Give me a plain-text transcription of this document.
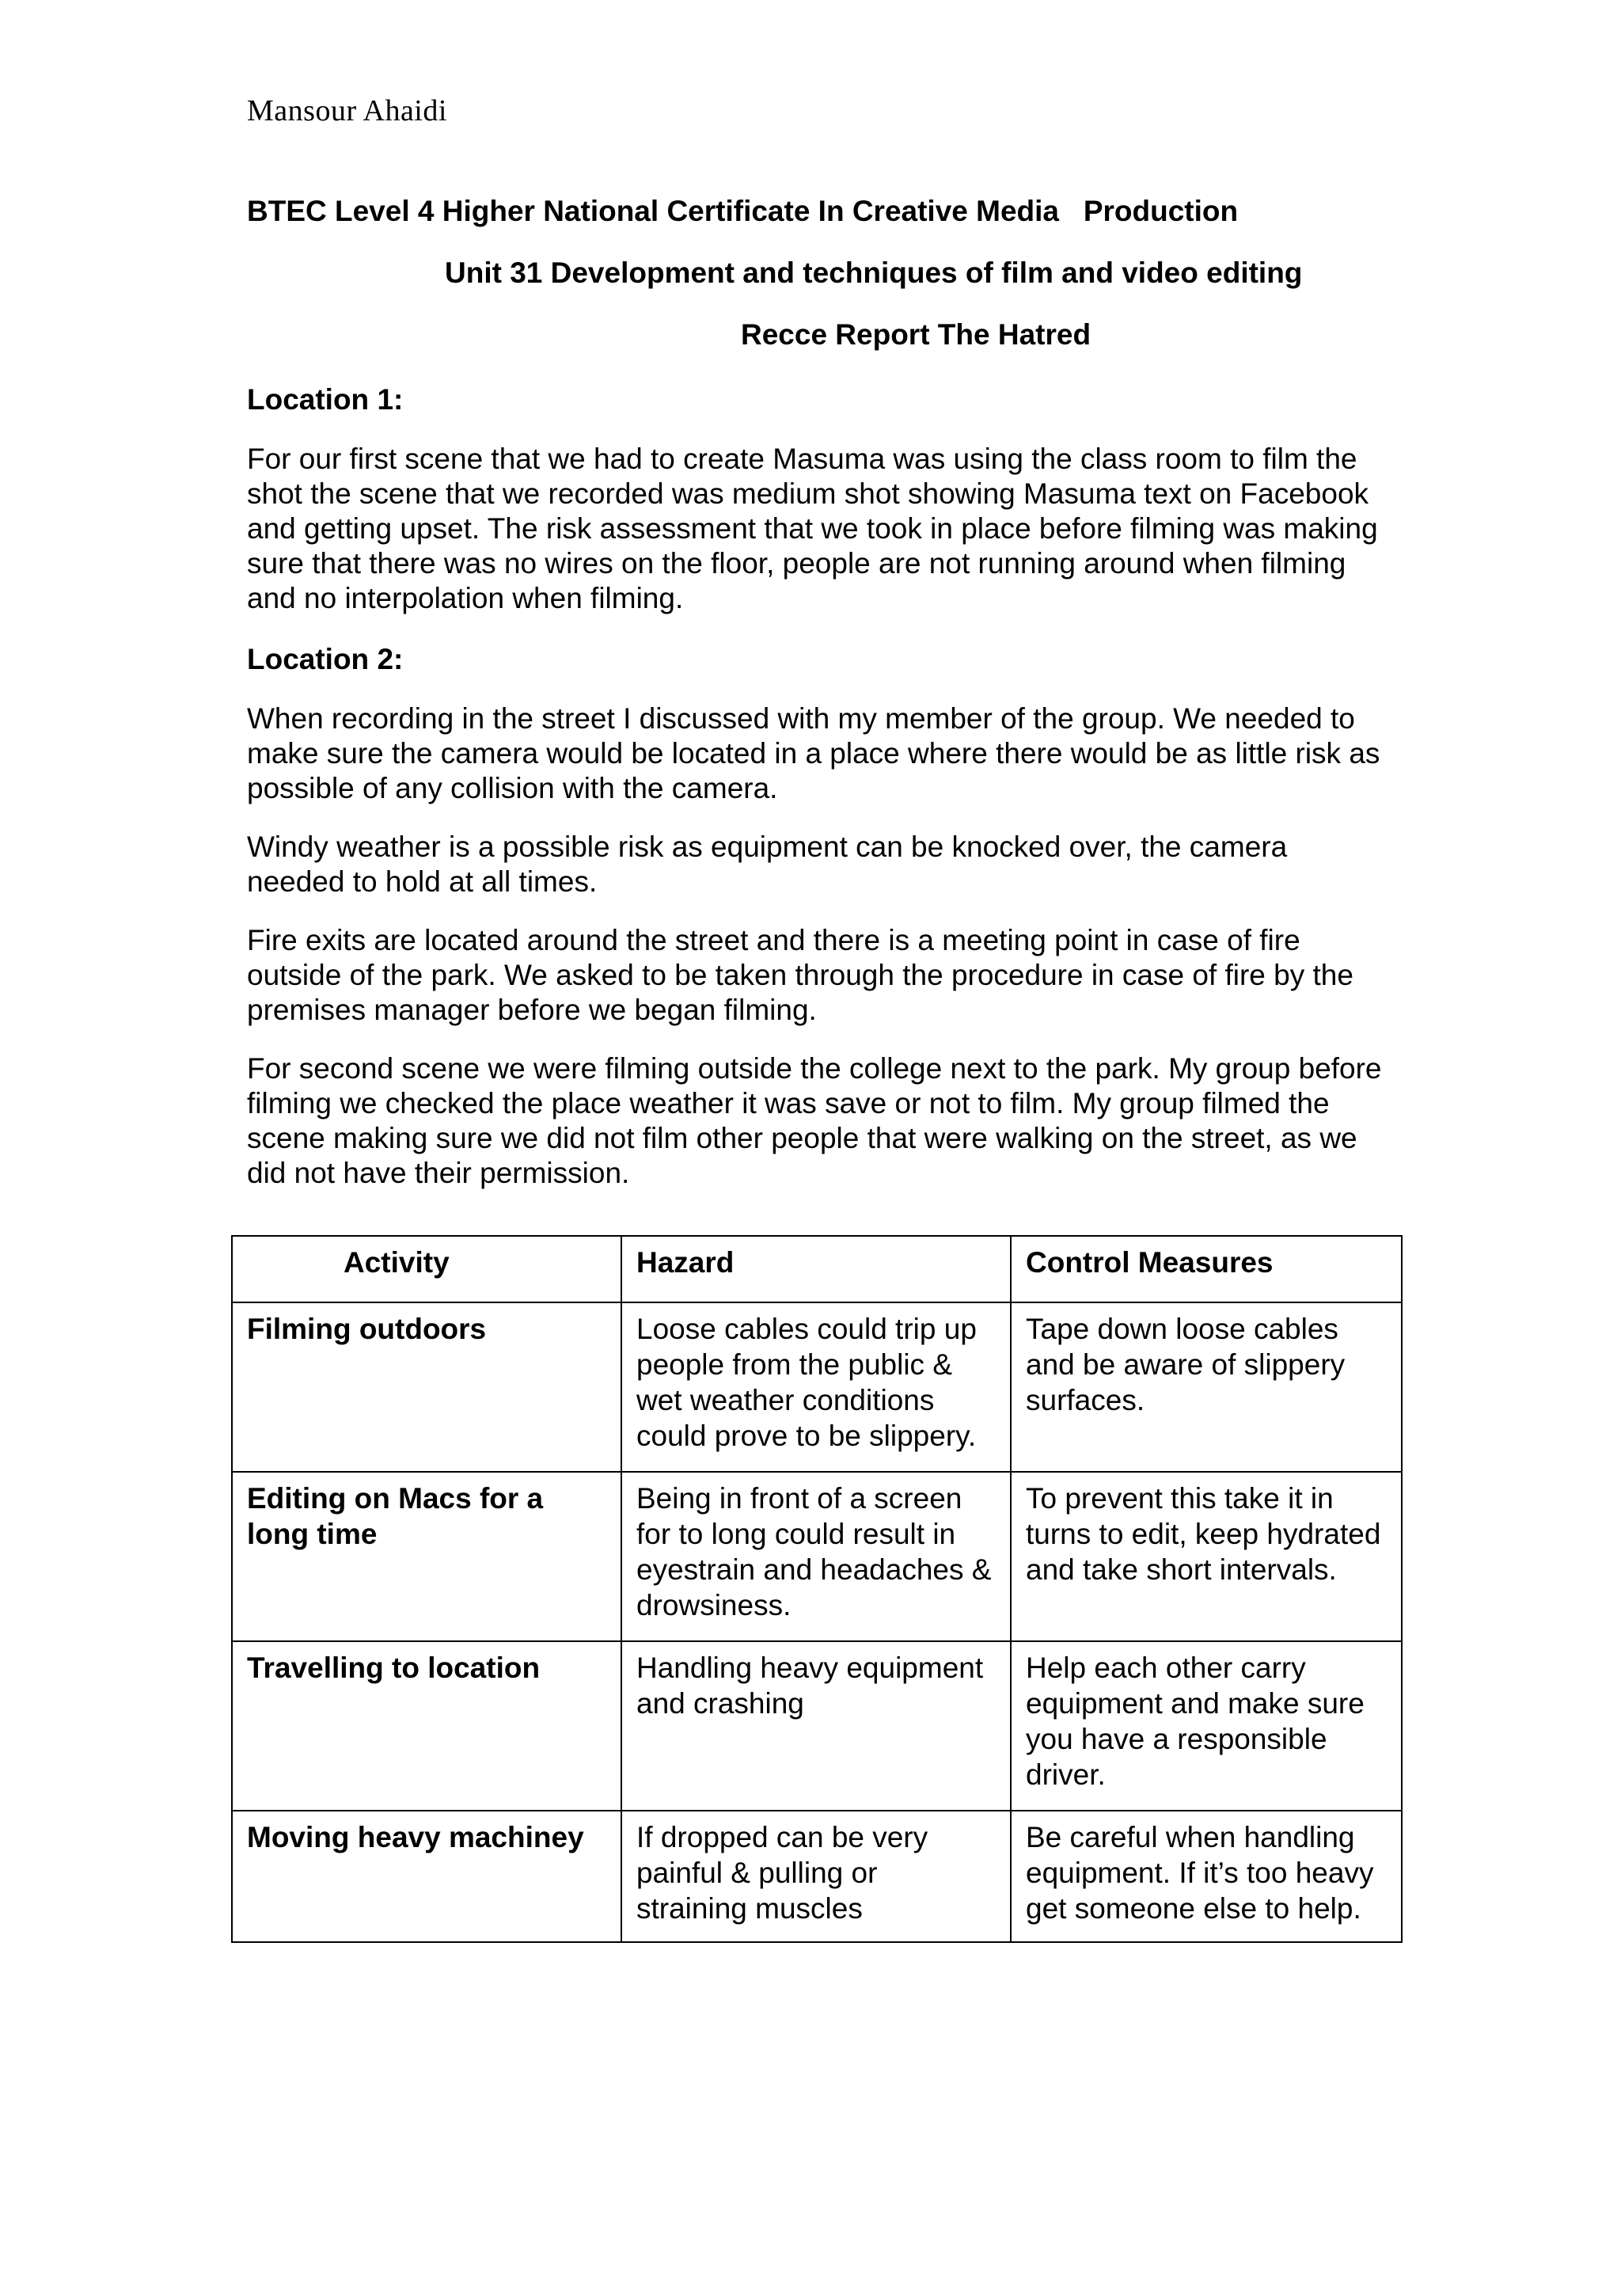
Mansour Ahaidi
BTEC Level 4 Higher National Certificate In Creative Media   Production
Unit 31 Development and techniques of film and video editing
Recce Report The Hatred
Location 1:

For our first scene that we had to create Masuma was using the class room to film the shot the scene that we recorded was medium shot showing Masuma text on Facebook and getting upset. The risk assessment that we took in place before filming was making sure that there was no wires on the floor, people are not running around when filming and no interpolation when filming.

Location 2:

When recording in the street I discussed with my member of the group. We needed to make sure the camera would be located in a place where there would be as little risk as possible of any collision with the camera.

Windy weather is a possible risk as equipment can be knocked over, the camera needed to hold at all times.

Fire exits are located around the street and there is a meeting point in case of fire outside of the park. We asked to be taken through the procedure in case of fire by the premises manager before we began filming.

For second scene we were filming outside the college next to the park. My group before filming we checked the place weather it was save or not to film. My group filmed the scene making sure we did not film other people that were walking on the street, as we did not have their permission.

Activity	Hazard	Control Measures
Filming outdoors	Loose cables could trip up people from the public & wet weather conditions could prove to be slippery.	Tape down loose cables and be aware of slippery surfaces.
Editing on Macs for a long time	Being in front of a screen for to long could result in eyestrain and headaches & drowsiness.	To prevent this take it in turns to edit, keep hydrated and take short intervals.
Travelling to location	Handling heavy equipment and crashing	Help each other carry equipment and make sure you have a responsible driver.
Moving heavy machiney	If dropped can be very painful & pulling or straining muscles	Be careful when handling equipment. If it’s too heavy get someone else to help.
